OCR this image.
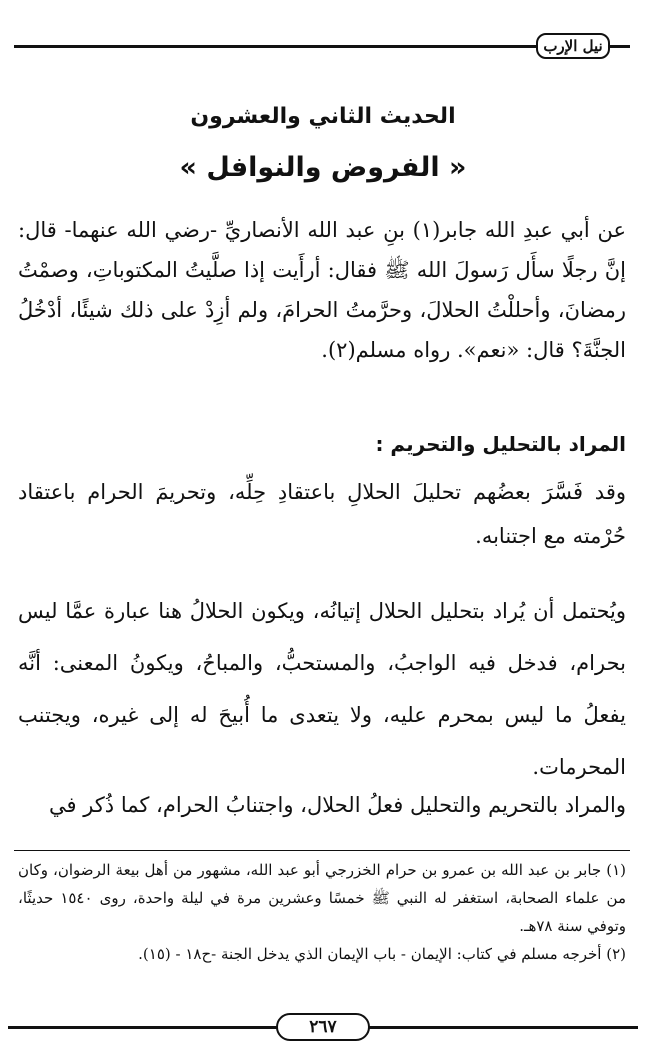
نيل الإرب
الحديث الثاني والعشرون
« الفروض والنوافل »
عن أبي عبدِ الله جابر(١) بنِ عبد الله الأنصاريِّ -رضي الله عنهما- قال: إنَّ رجلًا سأَل رَسولَ الله ﷺ فقال: أرأَيت إذا صلَّيتُ المكتوباتِ، وصمْتُ رمضانَ، وأحللْتُ الحلالَ، وحرَّمتُ الحرامَ، ولم أزِدْ على ذلك شيئًا، أدْخُلُ الجنَّةَ؟ قال: «نعم». رواه مسلم(٢).
المراد بالتحليل والتحريم :
وقد فَسَّرَ بعضُهم تحليلَ الحلالِ باعتقادِ حِلِّه، وتحريمَ الحرام باعتقاد حُرْمته مع اجتنابه.
ويُحتمل أن يُراد بتحليل الحلال إتيانُه، ويكون الحلالُ هنا عبارة عمَّا ليس بحرام، فدخل فيه الواجبُ، والمستحبُّ، والمباحُ، ويكونُ المعنى: أنَّه يفعلُ ما ليس بمحرم عليه، ولا يتعدى ما أُبيحَ له إلى غيره، ويجتنب المحرمات.
والمراد بالتحريم والتحليل فعلُ الحلال، واجتنابُ الحرام، كما ذُكر في

(١) جابر بن عبد الله بن عمرو بن حرام الخزرجي أبو عبد الله، مشهور من أهل بيعة الرضوان، وكان من علماء الصحابة، استغفر له النبي ﷺ خمسًا وعشرين مرة في ليلة واحدة، روى ١٥٤٠ حديثًا، وتوفي سنة ٧٨هـ.

(٢) أخرجه مسلم في كتاب: الإيمان - باب الإيمان الذي يدخل الجنة -ح١٨ - (١٥).

٢٦٧
